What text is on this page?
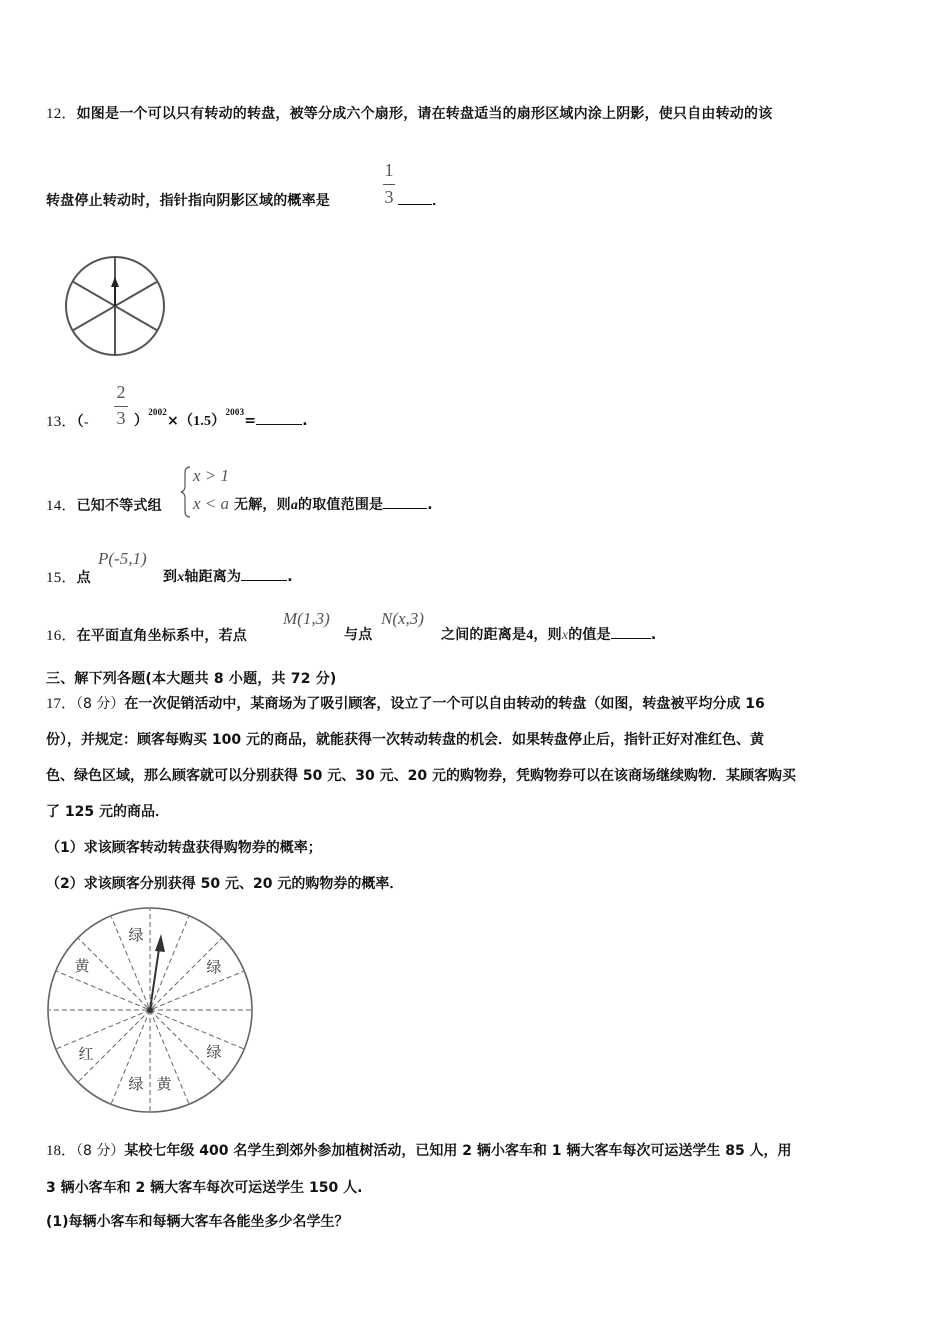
12．如图是一个可以只有转动的转盘，被等分成六个扇形，请在转盘适当的扇形区域内涂上阴影，使只自由转动的该
1
3
转盘停止转动时，指针指向阴影区域的概率是	．
13．（-
2
3 ）$^{2002}\times(1.5)^{2003}=$	.
14．已知不等式组
x > 1
x < a 无解，则a的取值范围是	.
15．点
P(-5,1)
到x轴距离为	.
16．在平面直角坐标系中，若点
M(1,3)
与点
N(x,3)
之间的距离是4，则x的值是	.
三、解下列各题(本大题共 8 小题，共 72 分)
17．（8 分）在一次促销活动中，某商场为了吸引顾客，设立了一个可以自由转动的转盘（如图，转盘被平均分成 16
份），并规定：顾客每购买 100 元的商品，就能获得一次转动转盘的机会．如果转盘停止后，指针正好对准红色、黄
色、绿色区域，那么顾客就可以分别获得 50 元、30 元、20 元的购物券，凭购物券可以在该商场继续购物．某顾客购买
了 125 元的商品．
（1）求该顾客转动转盘获得购物券的概率；
（2）求该顾客分别获得 50 元、20 元的购物券的概率．
绿
黄	绿
红	绿
绿 黄
18．（8 分）某校七年级 400 名学生到郊外参加植树活动，已知用 2 辆小客车和 1 辆大客车每次可运送学生 85 人，用
3 辆小客车和 2 辆大客车每次可运送学生 150 人.
(1)每辆小客车和每辆大客车各能坐多少名学生？
